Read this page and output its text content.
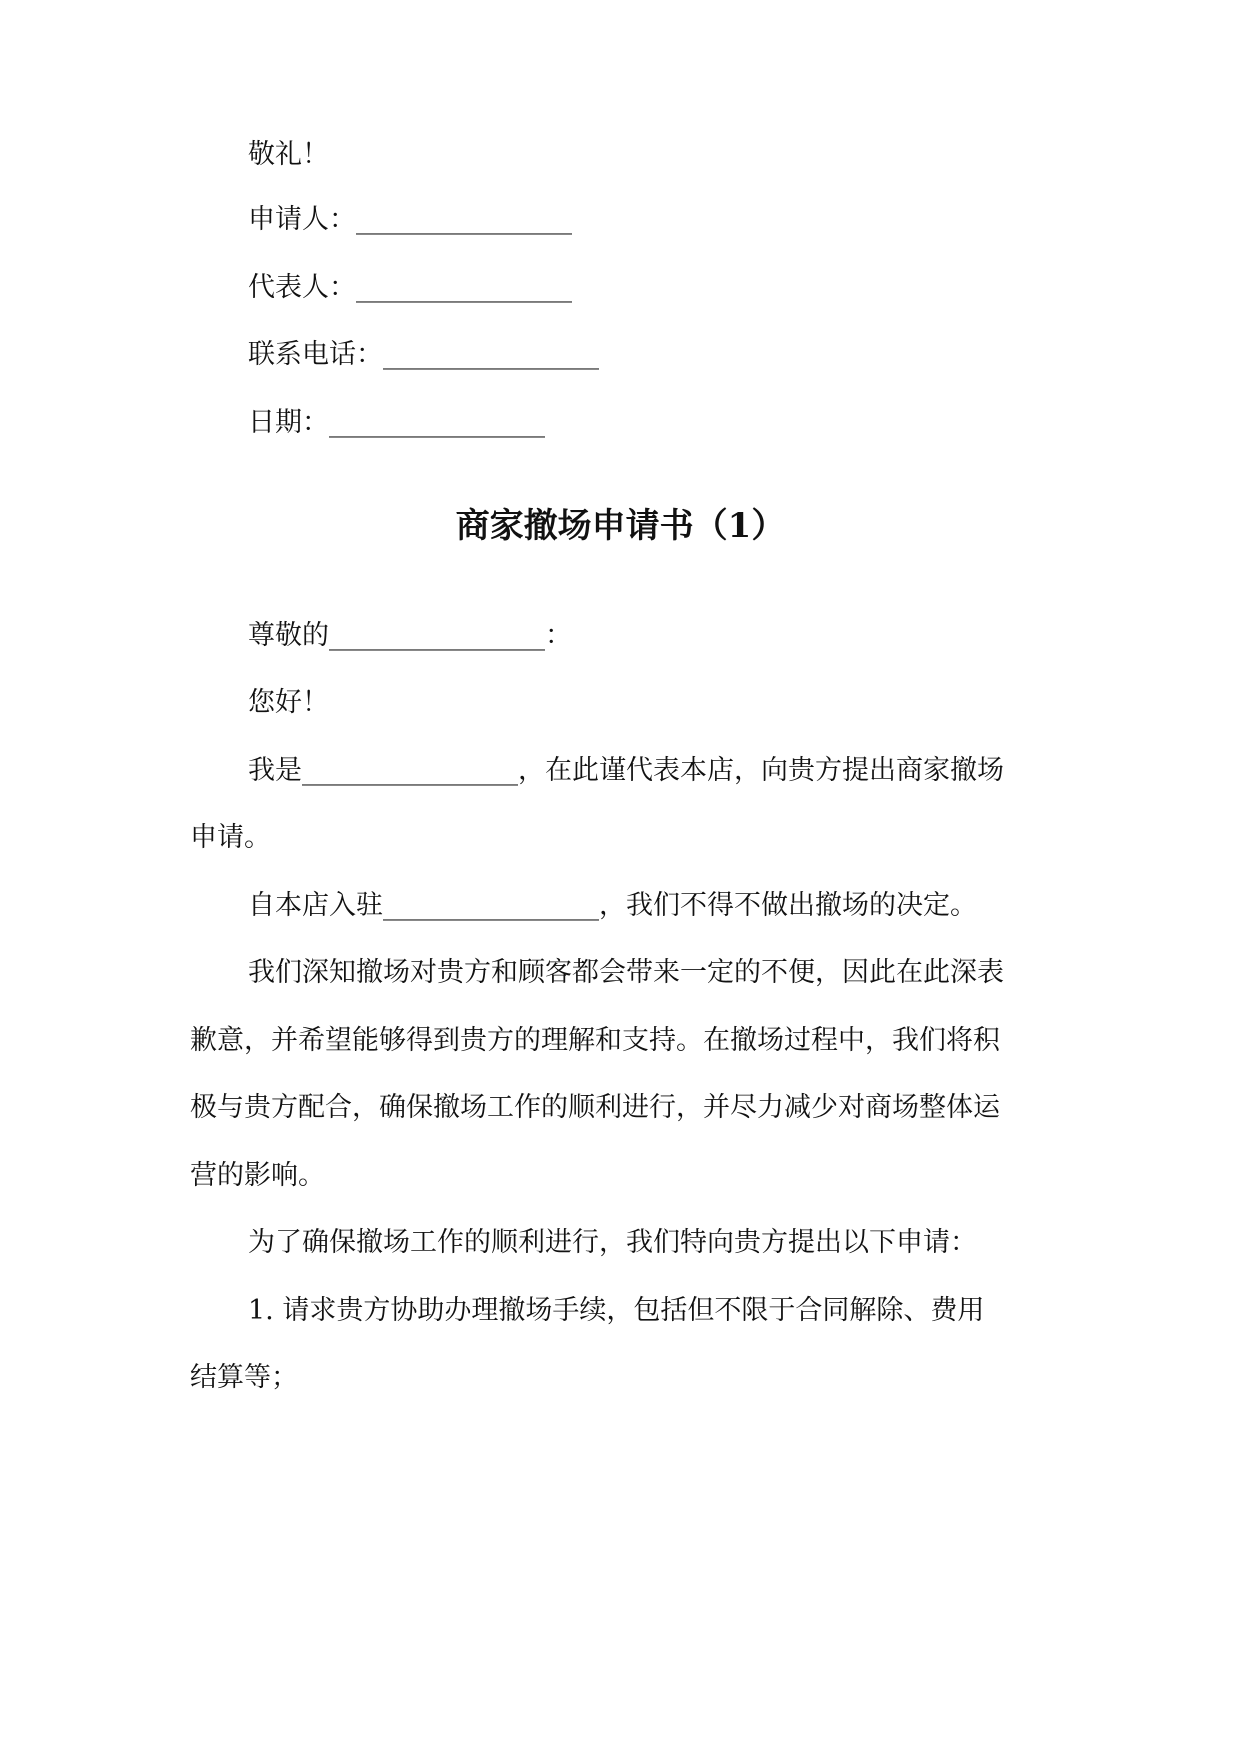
敬礼！
申请人：________________
代表人：________________
联系电话：________________
日期：________________
商家撤场申请书（1）
尊敬的________________：
您好！
我是________________，在此谨代表本店，向贵方提出商家撤场
申请。
自本店入驻________________，我们不得不做出撤场的决定。
我们深知撤场对贵方和顾客都会带来一定的不便，因此在此深表
歉意，并希望能够得到贵方的理解和支持。在撤场过程中，我们将积
极与贵方配合，确保撤场工作的顺利进行，并尽力减少对商场整体运
营的影响。
为了确保撤场工作的顺利进行，我们特向贵方提出以下申请：
1. 请求贵方协助办理撤场手续，包括但不限于合同解除、费用
结算等；
